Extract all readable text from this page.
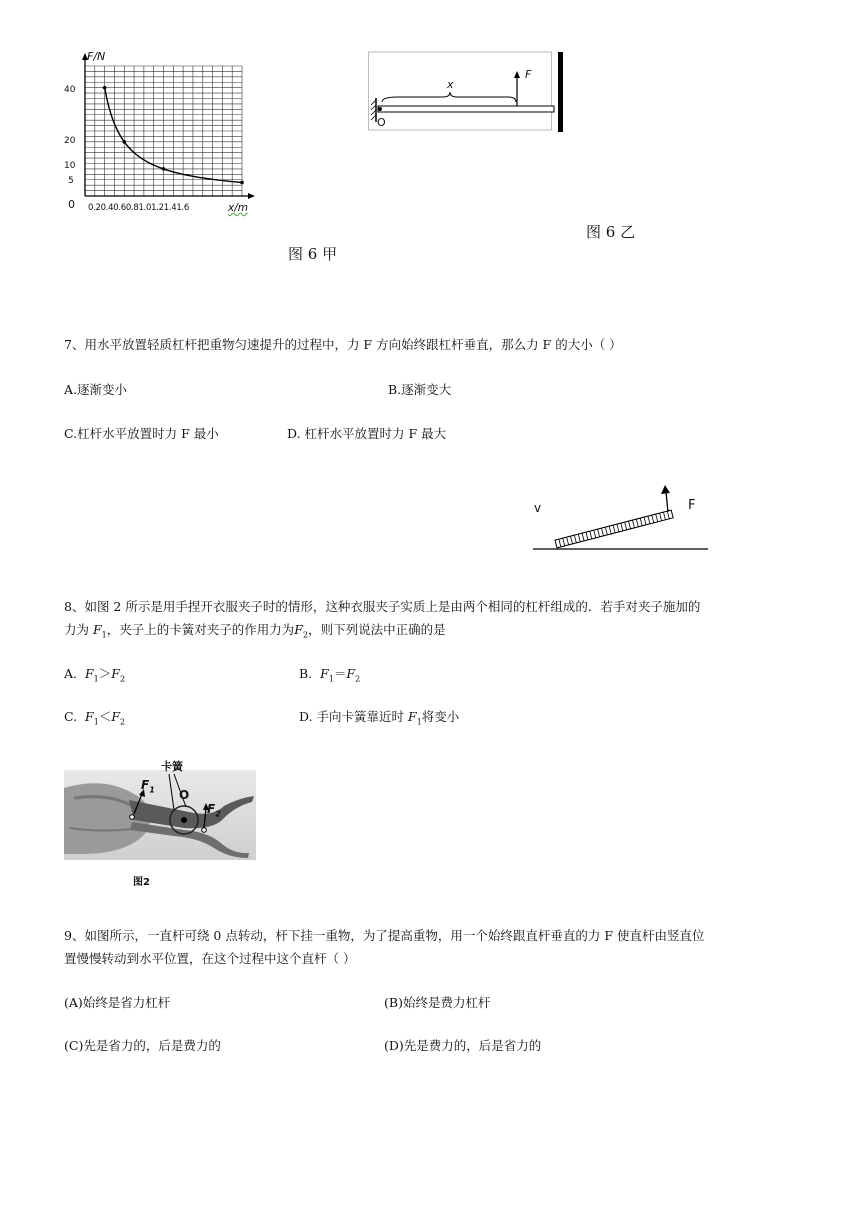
F/N
40
20
10
5
0 0.20.40.60.81.01.21.41.6	x/m
图 6 甲
x
F
O
图 6 乙
7、用水平放置轻质杠杆把重物匀速提升的过程中，力 F 方向始终跟杠杆垂直，那么力 F 的大小（ ）
A.逐渐变小	B.逐渐变大
C.杠杆水平放置时力 F 最小	D. 杠杆水平放置时力 F 最大
v	F
8、如图 2 所示是用手捏开衣服夹子时的情形，这种衣服夹子实质上是由两个相同的杠杆组成的．若手对夹子施加的
力为 $F_1$，夹子上的卡簧对夹子的作用力为$F_2$，则下列说法中正确的是
A. $F_1>F_2$	B. $F_1=F_2$
C. $F_1<F_2$	D. 手向卡簧靠近时 $F_1$将变小
卡簧
$F_1$ O
$F_2$
图2
9、如图所示，一直杆可绕 0 点转动，杆下挂一重物，为了提高重物，用一个始终跟直杆垂直的力 F 使直杆由竖直位
置慢慢转动到水平位置，在这个过程中这个直杆（ ）
(A)始终是省力杠杆	(B)始终是费力杠杆
(C)先是省力的，后是费力的	(D)先是费力的，后是省力的
